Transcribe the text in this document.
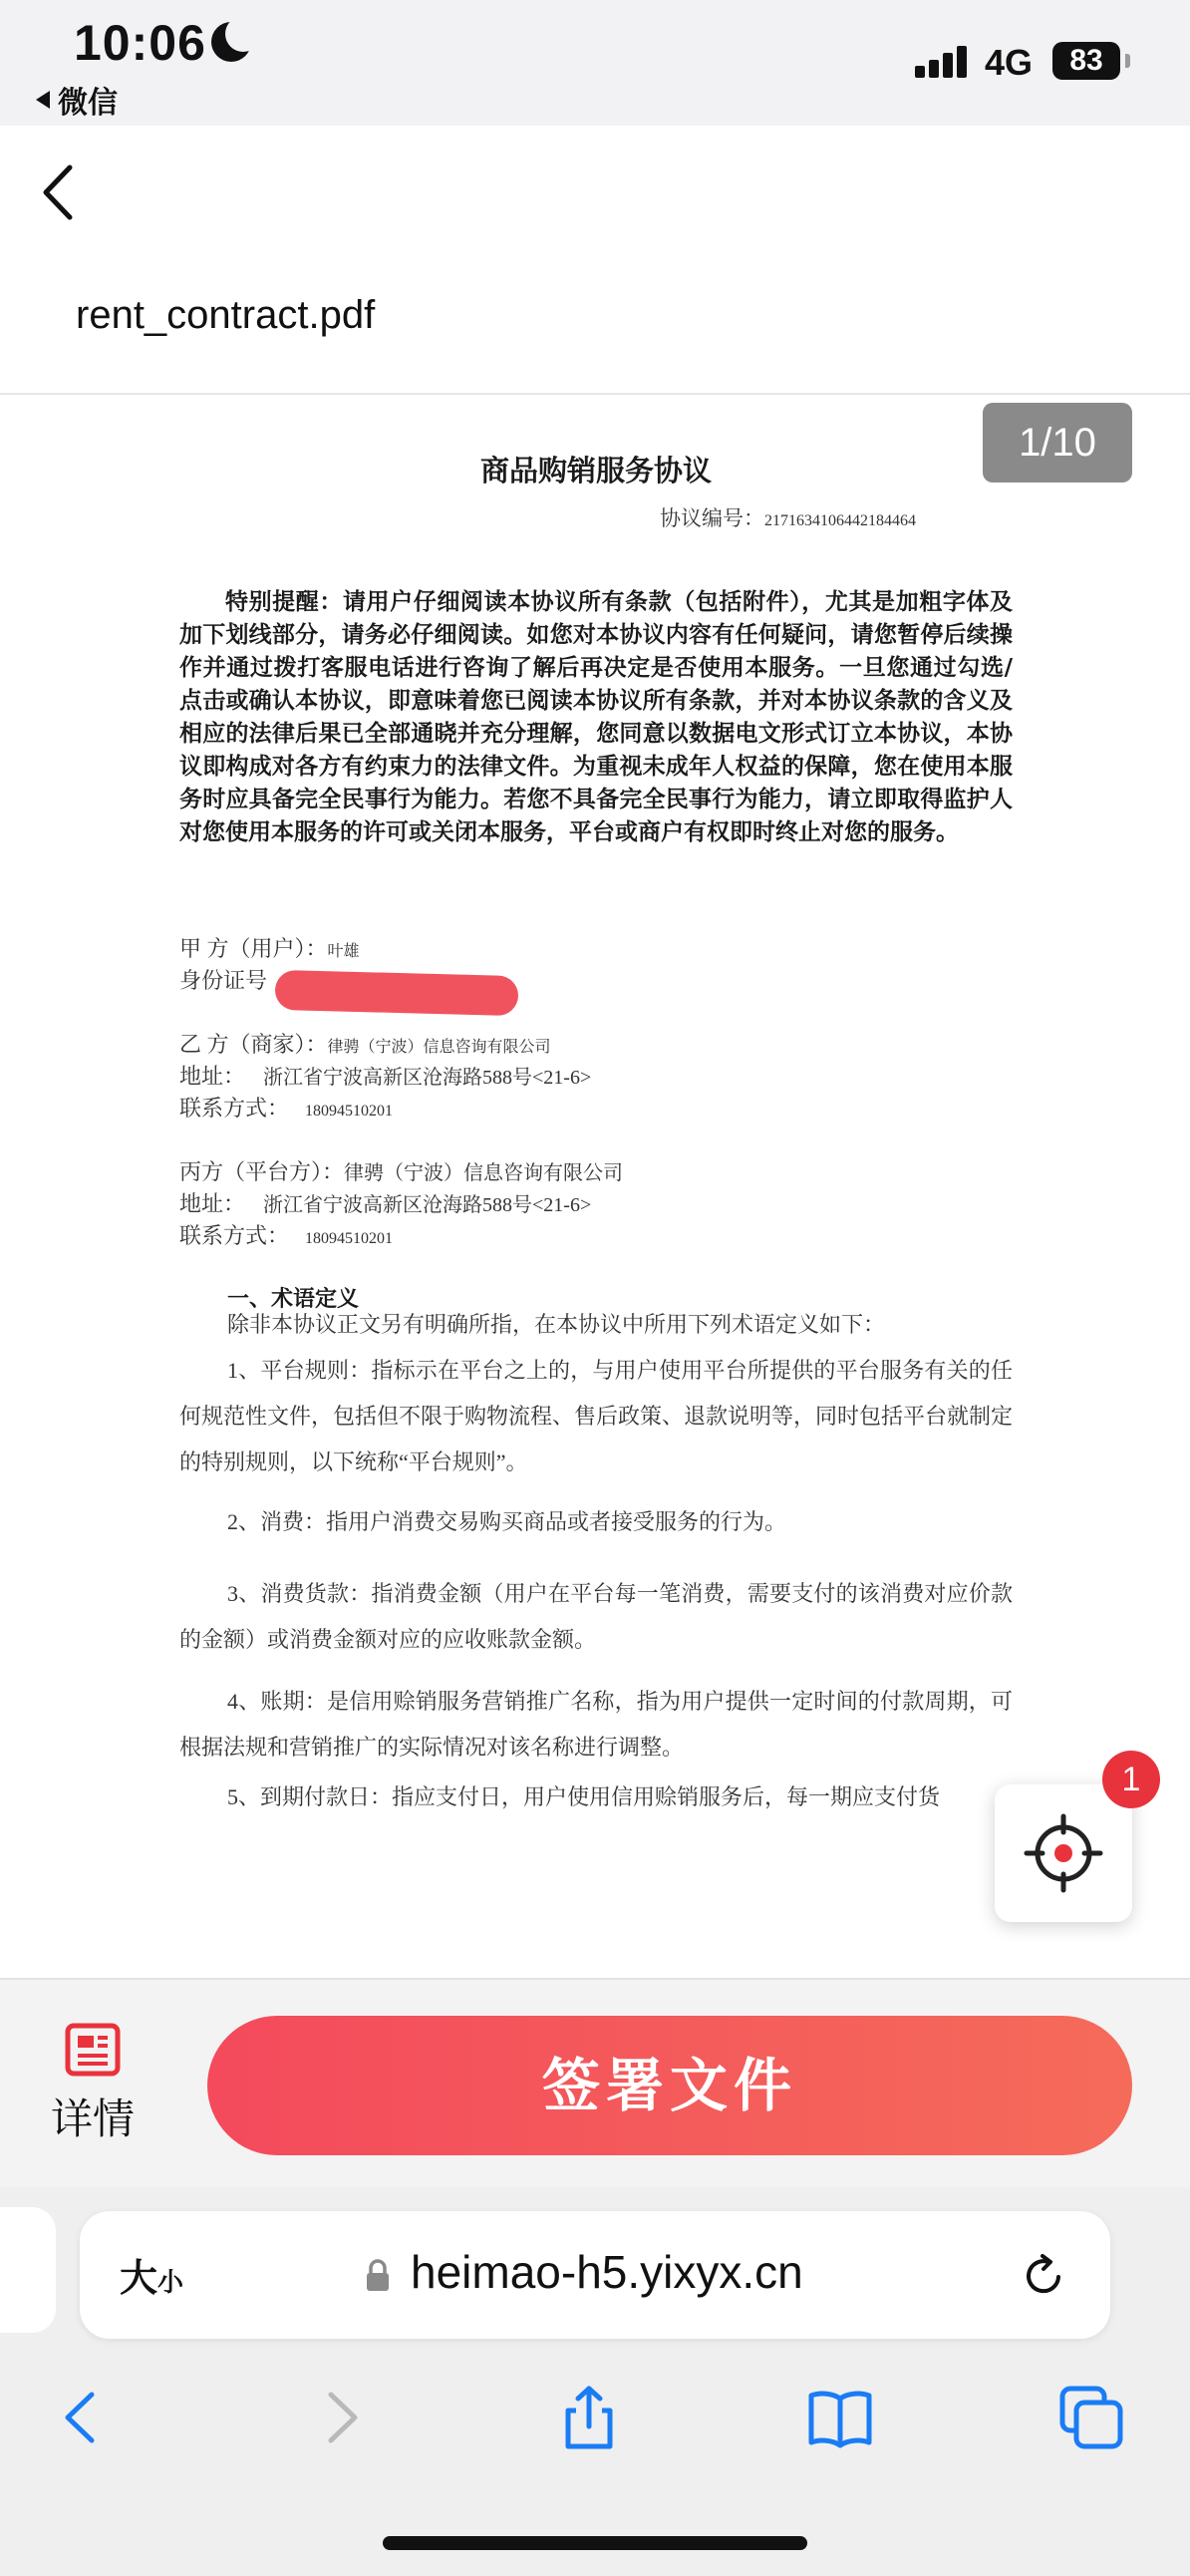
10:06
微信
4G	83
rent_contract.pdf
1/10
商品购销服务协议
协议编号：2171634106442184464
特别提醒：请用户仔细阅读本协议所有条款（包括附件），尤其是加粗字体及加下划线部分，请务必仔细阅读。如您对本协议内容有任何疑问，请您暂停后续操作并通过拨打客服电话进行咨询了解后再决定是否使用本服务。一旦您通过勾选/点击或确认本协议，即意味着您已阅读本协议所有条款，并对本协议条款的含义及相应的法律后果已全部通晓并充分理解，您同意以数据电文形式订立本协议，本协议即构成对各方有约束力的法律文件。为重视未成年人权益的保障，您在使用本服务时应具备完全民事行为能力。若您不具备完全民事行为能力，请立即取得监护人对您使用本服务的许可或关闭本服务，平台或商户有权即时终止对您的服务。
甲 方（用户）：叶雄
身份证号
乙 方（商家）：律骋（宁波）信息咨询有限公司
地址： 浙江省宁波高新区沧海路588号<21-6>
联系方式： 18094510201
丙方（平台方）：律骋（宁波）信息咨询有限公司
地址： 浙江省宁波高新区沧海路588号<21-6>
联系方式： 18094510201
一、术语定义
除非本协议正文另有明确所指，在本协议中所用下列术语定义如下：
1、平台规则：指标示在平台之上的，与用户使用平台所提供的平台服务有关的任何规范性文件，包括但不限于购物流程、售后政策、退款说明等，同时包括平台就制定的特别规则，以下统称“平台规则”。
2、消费：指用户消费交易购买商品或者接受服务的行为。
3、消费货款：指消费金额（用户在平台每一笔消费，需要支付的该消费对应价款的金额）或消费金额对应的应收账款金额。
4、账期：是信用赊销服务营销推广名称，指为用户提供一定时间的付款周期，可根据法规和营销推广的实际情况对该名称进行调整。
5、到期付款日：指应支付日，用户使用信用赊销服务后，每一期应支付货	1
详情	签署文件
大小	heimao-h5.yixyx.cn
